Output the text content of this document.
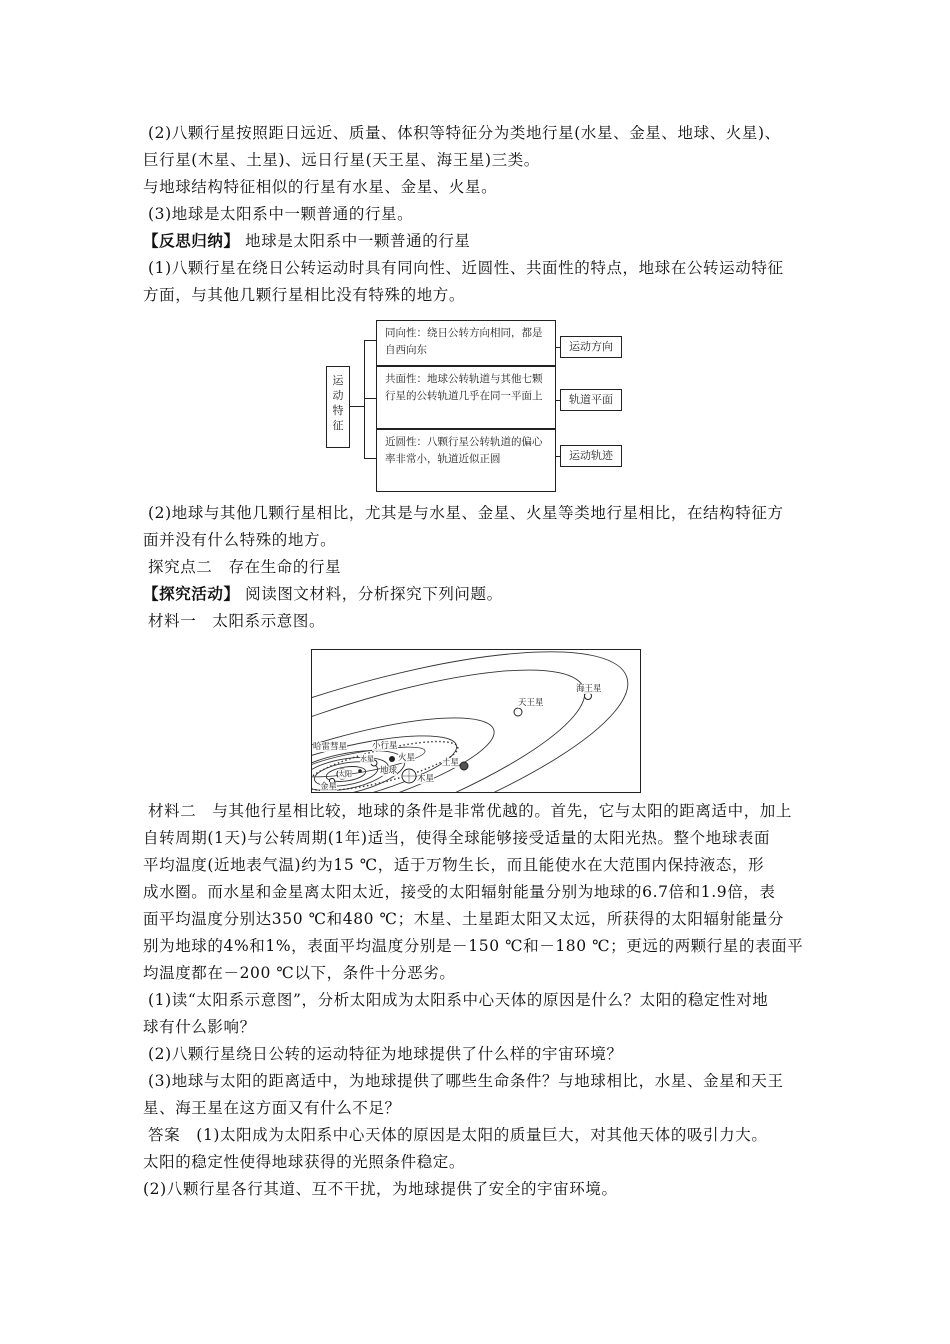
(2)八颗行星按照距日远近、质量、体积等特征分为类地行星(水星、金星、地球、火星)、
巨行星(木星、土星)、远日行星(天王星、海王星)三类。
与地球结构特征相似的行星有水星、金星、火星。
(3)地球是太阳系中一颗普通的行星。
【反思归纳】 地球是太阳系中一颗普通的行星
(1)八颗行星在绕日公转运动时具有同向性、近圆性、共面性的特点，地球在公转运动特征
方面，与其他几颗行星相比没有特殊的地方。
运动特征
同向性：绕日公转方向相同，都是自西向东
共面性：地球公转轨道与其他七颗行星的公转轨道几乎在同一平面上
近圆性：八颗行星公转轨道的偏心率非常小，轨道近似正圆
运动方向
轨道平面
运动轨迹
(2)地球与其他几颗行星相比，尤其是与水星、金星、火星等类地行星相比，在结构特征方
面并没有什么特殊的地方。
探究点二　存在生命的行星
【探究活动】 阅读图文材料，分析探究下列问题。
材料一　太阳系示意图。
海王星
天王星
哈雷彗星	小行星
土星
火星
地球
木星
金星
太阳
水星
材料二　与其他行星相比较，地球的条件是非常优越的。首先，它与太阳的距离适中，加上
自转周期(1天)与公转周期(1年)适当，使得全球能够接受适量的太阳光热。整个地球表面
平均温度(近地表气温)约为15 ℃，适于万物生长，而且能使水在大范围内保持液态，形
成水圈。而水星和金星离太阳太近，接受的太阳辐射能量分别为地球的6.7倍和1.9倍，表
面平均温度分别达350 ℃和480 ℃；木星、土星距太阳又太远，所获得的太阳辐射能量分
别为地球的4%和1%，表面平均温度分别是－150 ℃和－180 ℃；更远的两颗行星的表面平
均温度都在－200 ℃以下，条件十分恶劣。
(1)读“太阳系示意图”，分析太阳成为太阳系中心天体的原因是什么？太阳的稳定性对地
球有什么影响？
(2)八颗行星绕日公转的运动特征为地球提供了什么样的宇宙环境？
(3)地球与太阳的距离适中，为地球提供了哪些生命条件？与地球相比，水星、金星和天王
星、海王星在这方面又有什么不足？
答案　(1)太阳成为太阳系中心天体的原因是太阳的质量巨大，对其他天体的吸引力大。
太阳的稳定性使得地球获得的光照条件稳定。
(2)八颗行星各行其道、互不干扰，为地球提供了安全的宇宙环境。
